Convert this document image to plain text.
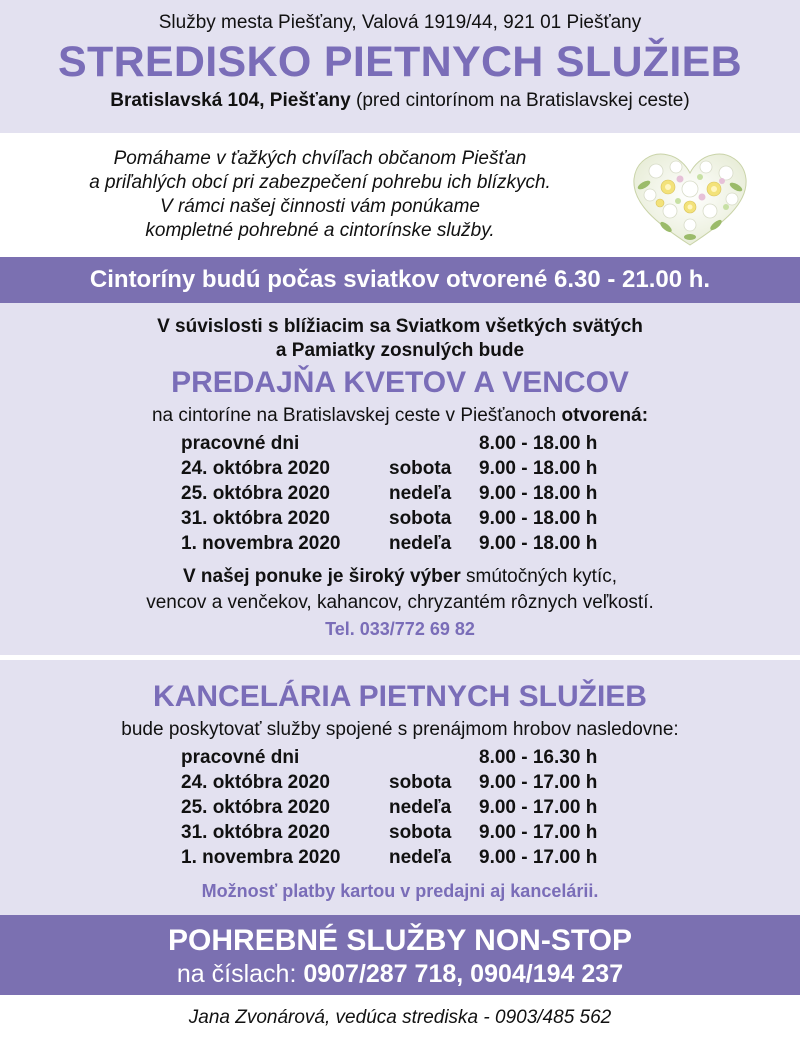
Služby mesta Piešťany, Valová 1919/44, 921 01 Piešťany
STREDISKO PIETNYCH SLUŽIEB
Bratislavská 104, Piešťany (pred cintorínom na Bratislavskej ceste)
Pomáhame v ťažkých chvíľach občanom Piešťan
a priľahlých obcí pri zabezpečení pohrebu ich blízkych.
V rámci našej činnosti vám ponúkame
kompletné pohrebné a cintorínske služby.
Cintoríny budú počas sviatkov otvorené 6.30 - 21.00 h.
V súvislosti s blížiacim sa Sviatkom všetkých svätých
a Pamiatky zosnulých bude
PREDAJŇA KVETOV A VENCOV
na cintoríne na Bratislavskej ceste v Piešťanoch otvorená:
pracovné dni		8.00 - 18.00 h
24. októbra 2020	sobota	9.00 - 18.00 h
25. októbra 2020	nedeľa	9.00 - 18.00 h
31. októbra 2020	sobota	9.00 - 18.00 h
1. novembra 2020	nedeľa	9.00 - 18.00 h
V našej ponuke je široký výber smútočných kytíc,
vencov a venčekov, kahancov, chryzantém rôznych veľkostí.
Tel. 033/772 69 82
KANCELÁRIA PIETNYCH SLUŽIEB
bude poskytovať služby spojené s prenájmom hrobov nasledovne:
pracovné dni		8.00 - 16.30 h
24. októbra 2020	sobota	9.00 - 17.00 h
25. októbra 2020	nedeľa	9.00 - 17.00 h
31. októbra 2020	sobota	9.00 - 17.00 h
1. novembra 2020	nedeľa	9.00 - 17.00 h
Možnosť platby kartou v predajni aj kancelárii.
POHREBNÉ SLUŽBY NON-STOP
na číslach: 0907/287 718, 0904/194 237
Jana Zvonárová, vedúca strediska - 0903/485 562
